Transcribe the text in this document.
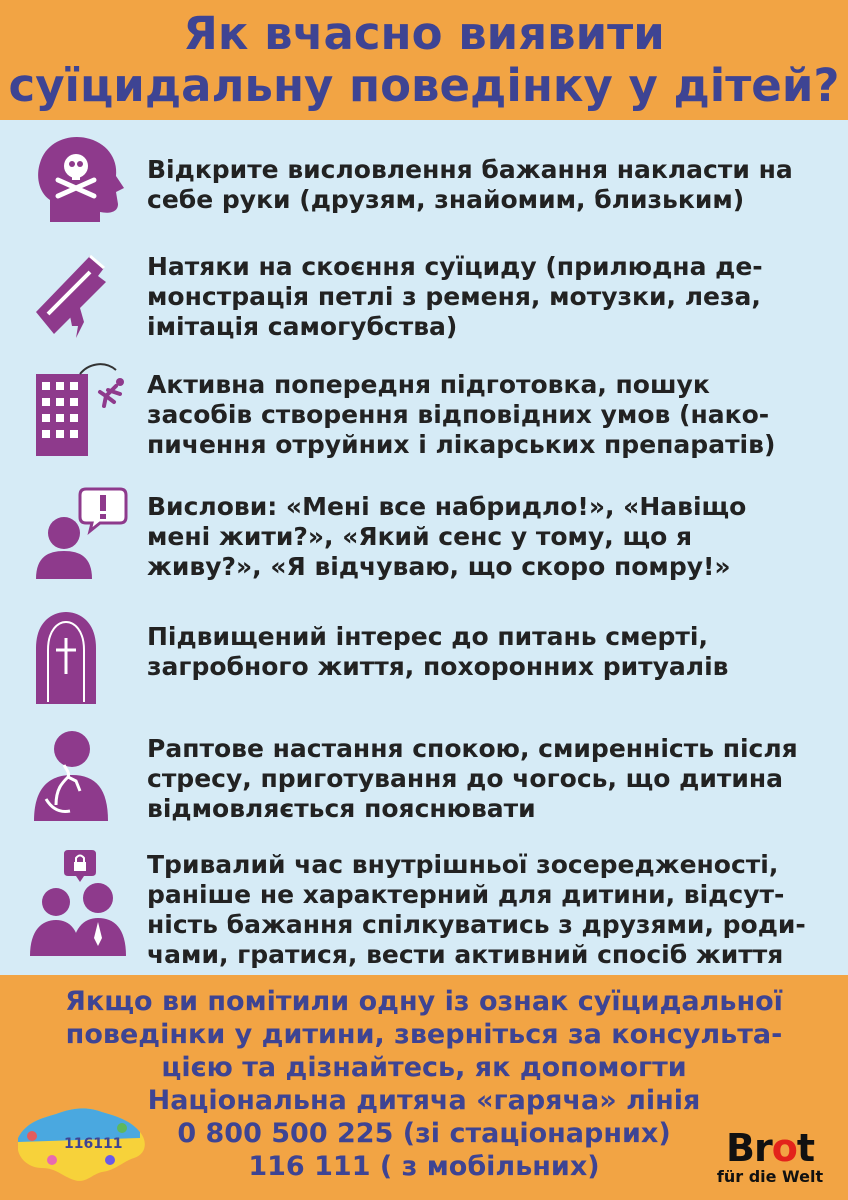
Як вчасно виявити
суїцидальну поведінку у дітей?
Відкрите висловлення бажання накласти на
себе руки (друзям, знайомим, близьким)
Натяки на скоєння суїциду (прилюдна де-
монстрація петлі з ременя, мотузки, леза,
імітація самогубства)
Активна попередня підготовка, пошук
засобів створення відповідних умов (нако-
пичення отруйних і лікарських препаратів)
Вислови: «Мені все набридло!», «Навіщо
мені жити?», «Який сенс у тому, що я
живу?», «Я відчуваю, що скоро помру!»
Підвищений інтерес до питань смерті,
загробного життя, похоронних ритуалів
Раптове настання спокою, смиренність після
стресу, приготування до чогось, що дитина
відмовляється пояснювати
Тривалий час внутрішньої зосередженості,
раніше не характерний для дитини, відсут-
ність бажання спілкуватись з друзями, роди-
чами, гратися, вести активний спосіб життя
Якщо ви помітили одну із ознак суїцидальної
поведінки у дитини, зверніться за консульта-
цією та дізнайтесь, як допомогти
Національна дитяча «гаряча» лінія
0 800 500 225 (зі стаціонарних)
116 111 ( з мобільних)
116111	Brot
für die Welt
